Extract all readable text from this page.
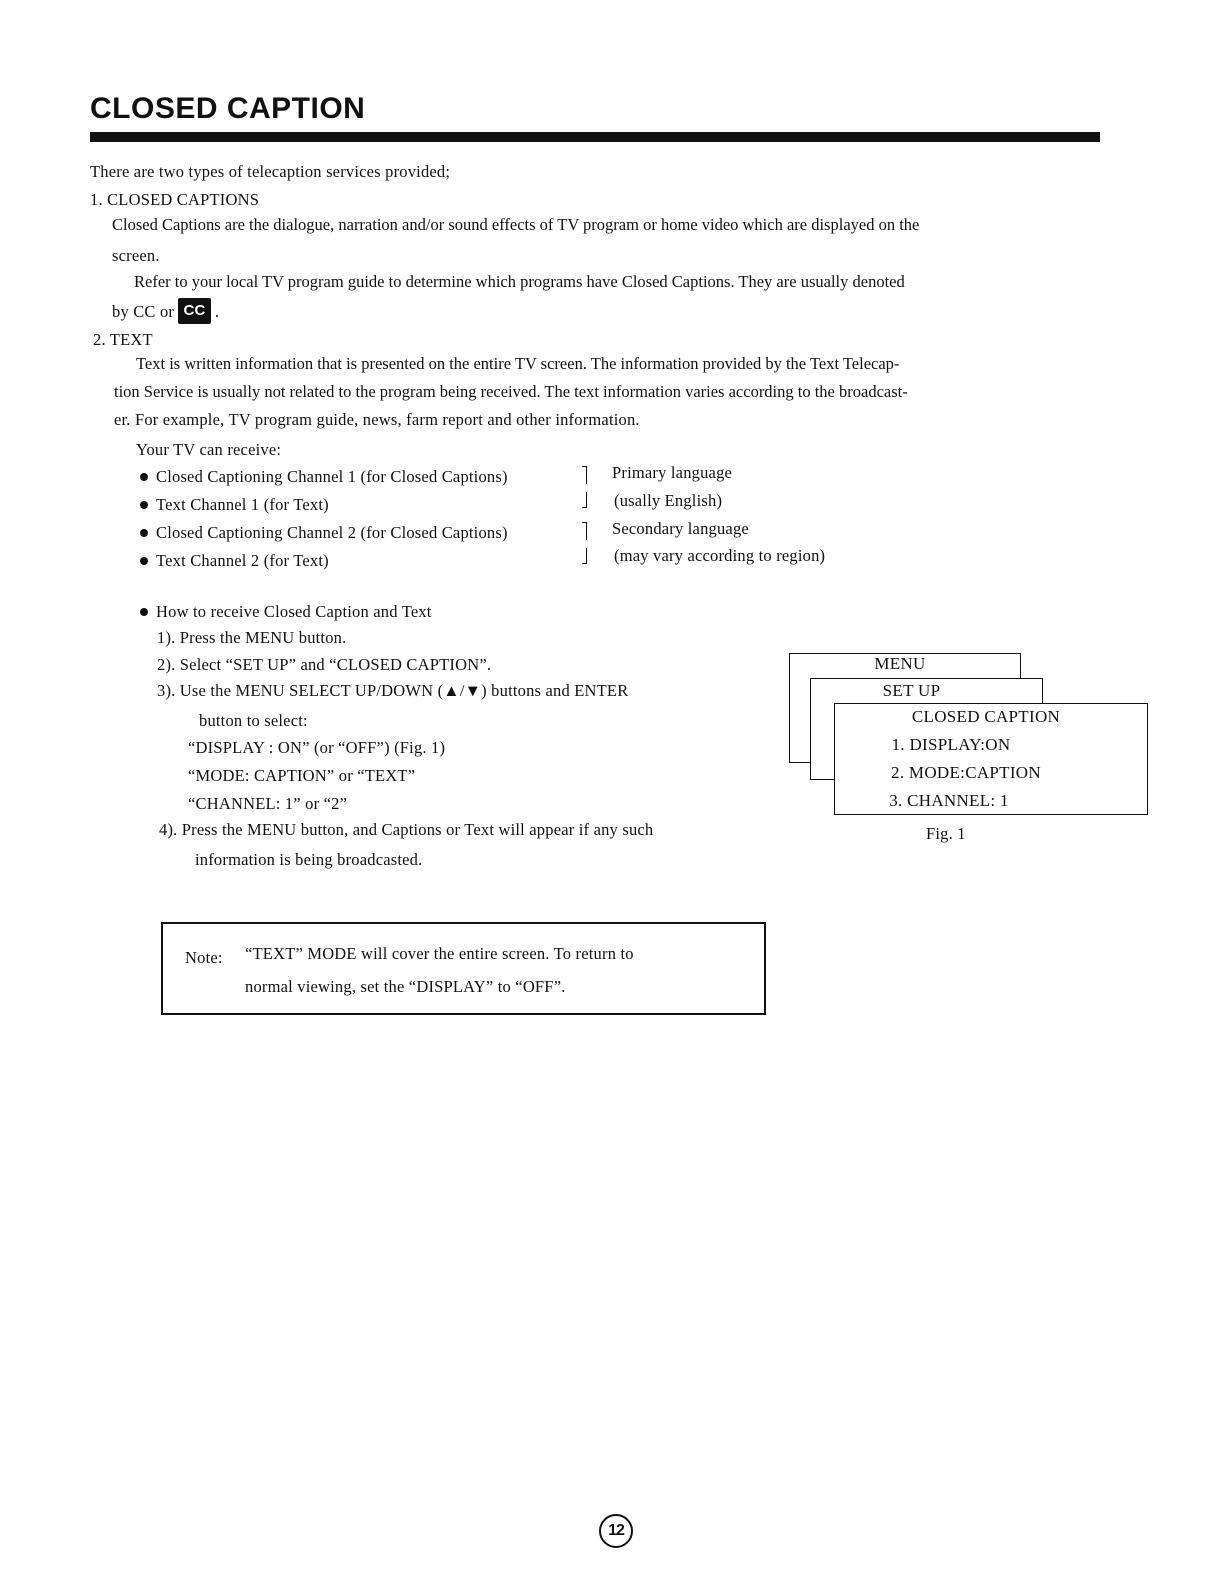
CLOSED CAPTION
There are two types of telecaption services provided;
1. CLOSED CAPTIONS
Closed Captions are the dialogue, narration and/or sound effects of TV program or home video which are displayed on the
screen.
Refer to your local TV program guide to determine which programs have Closed Captions. They are usually denoted
by CC or CC .
2. TEXT
Text is written information that is presented on the entire TV screen. The information provided by the Text Telecap-
tion Service is usually not related to the program being received. The text information varies according to the broadcast-
er. For example, TV program guide, news, farm report and other information.
Your TV can receive:
Closed Captioning Channel 1 (for Closed Captions)
Text Channel 1 (for Text)
Closed Captioning Channel 2 (for Closed Captions)
Text Channel 2 (for Text)
Primary language
(usally English)
Secondary language
(may vary according to region)
How to receive Closed Caption and Text
1). Press the MENU button.
2). Select “SET UP” and “CLOSED CAPTION”.
3). Use the MENU SELECT UP/DOWN (▲/▼) buttons and ENTER
button to select:
“DISPLAY : ON” (or “OFF”) (Fig. 1)
“MODE: CAPTION” or “TEXT”
“CHANNEL: 1” or “2”
4). Press the MENU button, and Captions or Text will appear if any such
information is being broadcasted.
MENU
SET UP
CLOSED CAPTION
1. DISPLAY:ON
2. MODE:CAPTION
3. CHANNEL: 1
Fig. 1
Note: “TEXT” MODE will cover the entire screen. To return to
normal viewing, set the “DISPLAY” to “OFF”.
12
